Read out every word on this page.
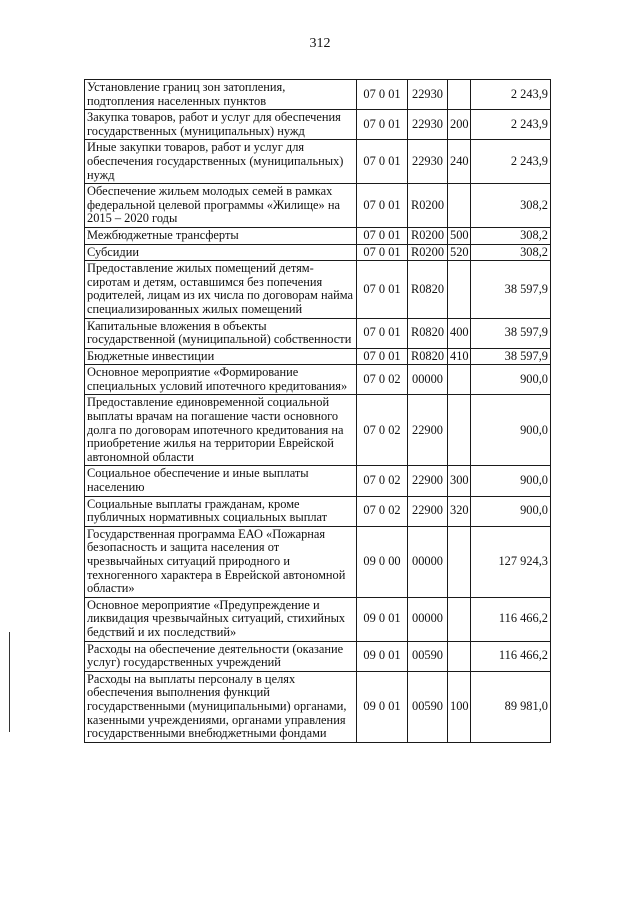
312
Установление границ зон затопления, подтопления населенных пунктов	07 0 01	22930		2 243,9
Закупка товаров, работ и услуг для обеспечения государственных (муниципальных) нужд	07 0 01	22930	200	2 243,9
Иные закупки товаров, работ и услуг для обеспечения государственных (муниципальных) нужд	07 0 01	22930	240	2 243,9
Обеспечение жильем молодых семей в рамках федеральной целевой программы «Жилище» на 2015 – 2020 годы	07 0 01	R0200		308,2
Межбюджетные трансферты	07 0 01	R0200	500	308,2
Субсидии	07 0 01	R0200	520	308,2
Предоставление жилых помещений детям-сиротам и детям, оставшимся без попечения родителей, лицам из их числа по договорам найма специализированных жилых помещений	07 0 01	R0820		38 597,9
Капитальные вложения в объекты государственной (муниципальной) собственности	07 0 01	R0820	400	38 597,9
Бюджетные инвестиции	07 0 01	R0820	410	38 597,9
Основное мероприятие «Формирование специальных условий ипотечного кредитования»	07 0 02	00000		900,0
Предоставление единовременной социальной выплаты врачам на погашение части основного долга по договорам ипотечного кредитования на приобретение жилья на территории Еврейской автономной области	07 0 02	22900		900,0
Социальное обеспечение и иные выплаты населению	07 0 02	22900	300	900,0
Социальные выплаты гражданам, кроме публичных нормативных социальных выплат	07 0 02	22900	320	900,0
Государственная программа ЕАО «Пожарная безопасность и защита населения от чрезвычайных ситуаций природного и техногенного характера в Еврейской автономной области»	09 0 00	00000		127 924,3
Основное мероприятие «Предупреждение и ликвидация чрезвычайных ситуаций, стихийных бедствий и их последствий»	09 0 01	00000		116 466,2
Расходы на обеспечение деятельности (оказание услуг) государственных учреждений	09 0 01	00590		116 466,2
Расходы на выплаты персоналу в целях обеспечения выполнения функций государственными (муниципальными) органами, казенными учреждениями, органами управления государственными внебюджетными фондами	09 0 01	00590	100	89 981,0
